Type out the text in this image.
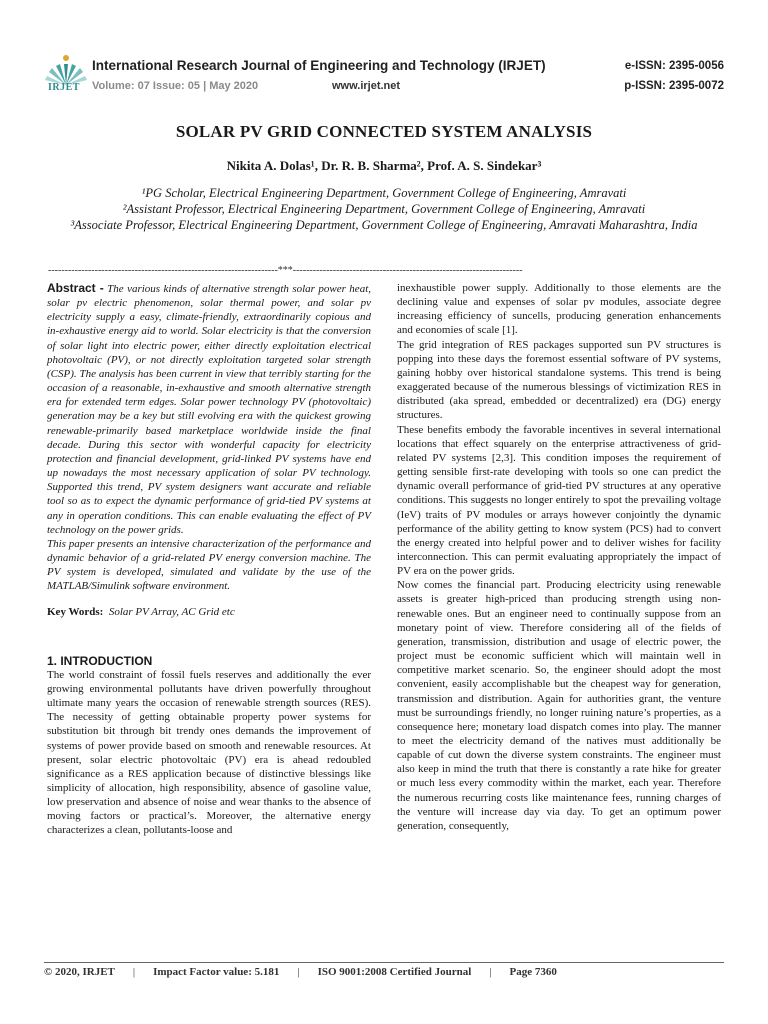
IRJET
International Research Journal of Engineering and Technology (IRJET)
Volume: 07 Issue: 05 | May 2020	www.irjet.net
e-ISSN: 2395-0056
p-ISSN: 2395-0072
SOLAR PV GRID CONNECTED SYSTEM ANALYSIS
Nikita A. Dolas¹, Dr. R. B. Sharma², Prof. A. S. Sindekar³
¹PG Scholar, Electrical Engineering Department, Government College of Engineering, Amravati
²Assistant Professor, Electrical Engineering Department, Government College of Engineering, Amravati
³Associate Professor, Electrical Engineering Department, Government College of Engineering, Amravati Maharashtra, India
---------------------------------------------------------------------***---------------------------------------------------------------------

Abstract - The various kinds of alternative strength solar power heat, solar pv electric phenomenon, solar thermal power, and solar pv electricity supply a easy, climate-friendly, extraordinarily copious and in-exhaustive energy aid to world. Solar electricity is that the conversion of solar light into electric power, either directly exploitation electrical photovoltaic (PV), or not directly exploitation targeted solar strength (CSP). The analysis has been current in view that terribly starting for the occasion of a reasonable, in-exhaustive and smooth alternative strength era for extended term edges. Solar power technology PV (photovoltaic) generation may be a key but still evolving era with the quickest growing renewable-primarily based marketplace worldwide inside the final decade. During this sector with wonderful capacity for electricity protection and financial development, grid-linked PV systems have end up nowadays the most necessary application of solar PV technology. Supported this trend, PV system designers want accurate and reliable tool so as to expect the dynamic performance of grid-tied PV systems at any in operation conditions. This can enable evaluating the effect of PV technology on the power grids.

This paper presents an intensive characterization of the performance and dynamic behavior of a grid-related PV energy conversion machine. The PV system is developed, simulated and validate by the use of the MATLAB/Simulink software environment.

Key Words: Solar PV Array, AC Grid etc

1. INTRODUCTION

The world constraint of fossil fuels reserves and additionally the ever growing environmental pollutants have driven powerfully throughout ultimate many years the occasion of renewable strength sources (RES). The necessity of getting obtainable property power systems for substitution bit through bit trendy ones demands the improvement of systems of power provide based on smooth and renewable resources. At present, solar electric photovoltaic (PV) era is ahead redoubled significance as a RES application because of distinctive blessings like simplicity of allocation, high responsibility, absence of gasoline value, low preservation and absence of noise and wear thanks to the absence of moving factors or practical’s. Moreover, the alternative energy characterizes a clean, pollutants-loose and

inexhaustible power supply. Additionally to those elements are the declining value and expenses of solar pv modules, associate degree increasing efficiency of suncells, producing generation enhancements and economies of scale [1].

The grid integration of RES packages supported sun PV structures is popping into these days the foremost essential software of PV systems, gaining hobby over historical standalone systems. This trend is being exaggerated because of the numerous blessings of victimization RES in distributed (aka spread, embedded or decentralized) era (DG) energy structures.

These benefits embody the favorable incentives in several international locations that effect squarely on the enterprise attractiveness of grid-related PV systems [2,3]. This condition imposes the requirement of getting sensible first-rate developing with tools so one can predict the dynamic overall performance of grid-tied PV structures at any operative conditions. This suggests no longer entirely to spot the prevailing voltage (IeV) traits of PV modules or arrays however conjointly the dynamic performance of the ability getting to know system (PCS) had to convert the energy created into helpful power and to deliver wishes for facility interconnection. This can permit evaluating appropriately the impact of PV era on the power grids.

Now comes the financial part. Producing electricity using renewable assets is greater high-priced than producing strength using non-renewable ones. But an engineer need to continually suppose from an monetary point of view. Therefore considering all of the fields of generation, transmission, distribution and usage of electric power, the project must be economic sufficient which will maintain well in competitive market scenario. So, the engineer should adopt the most convenient, easily accomplishable but the cheapest way for generation, transmission and distribution. Again for authorities grant, the venture must be surroundings friendly, no longer ruining nature’s properties, as a consequence here; monetary load dispatch comes into play. The manner to meet the electricity demand of the natives must additionally be capable of cut down the diverse system constraints. The engineer must also keep in mind the truth that there is constantly a rate hike for greater or much less every commodity within the market, each year. Therefore the numerous recurring costs like maintenance fees, running charges of the venture will increase day via day. To get an optimum power generation, consequently,

© 2020, IRJET | Impact Factor value: 5.181 | ISO 9001:2008 Certified Journal | Page 7360
